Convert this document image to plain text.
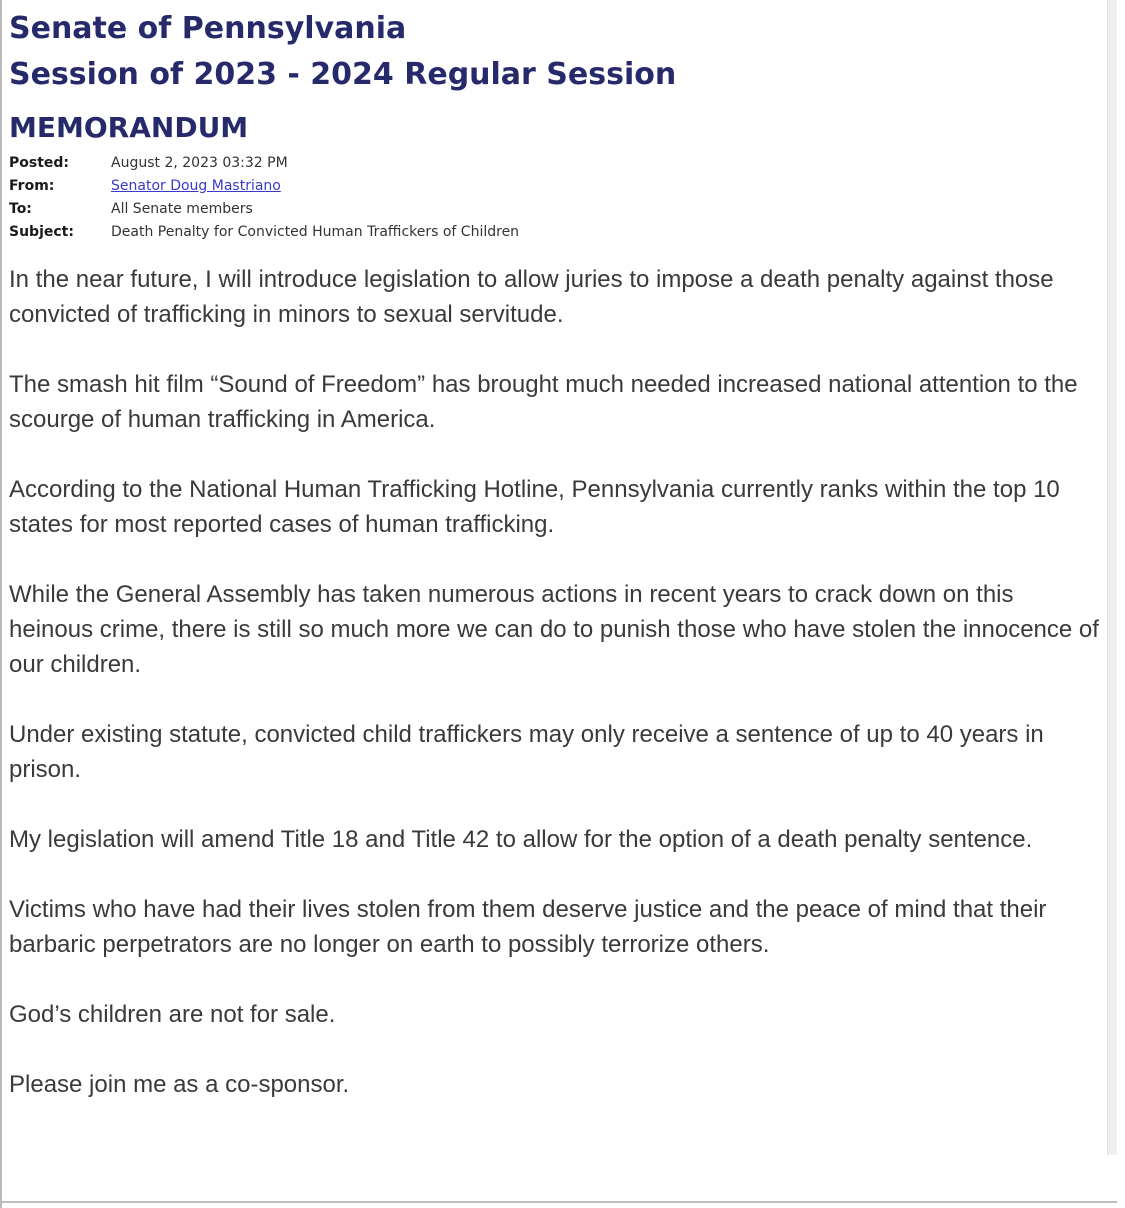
Senate of Pennsylvania
Session of 2023 - 2024 Regular Session
MEMORANDUM
Posted:	August 2, 2023 03:32 PM
From:	Senator Doug Mastriano
To:	All Senate members
Subject:	Death Penalty for Convicted Human Traffickers of Children

In the near future, I will introduce legislation to allow juries to impose a death penalty against those convicted of trafficking in minors to sexual servitude.

The smash hit film “Sound of Freedom” has brought much needed increased national attention to the scourge of human trafficking in America.

According to the National Human Trafficking Hotline, Pennsylvania currently ranks within the top 10 states for most reported cases of human trafficking.

While the General Assembly has taken numerous actions in recent years to crack down on this heinous crime, there is still so much more we can do to punish those who have stolen the innocence of our children.

Under existing statute, convicted child traffickers may only receive a sentence of up to 40 years in prison.

My legislation will amend Title 18 and Title 42 to allow for the option of a death penalty sentence.

Victims who have had their lives stolen from them deserve justice and the peace of mind that their barbaric perpetrators are no longer on earth to possibly terrorize others.

God’s children are not for sale.

Please join me as a co-sponsor.
